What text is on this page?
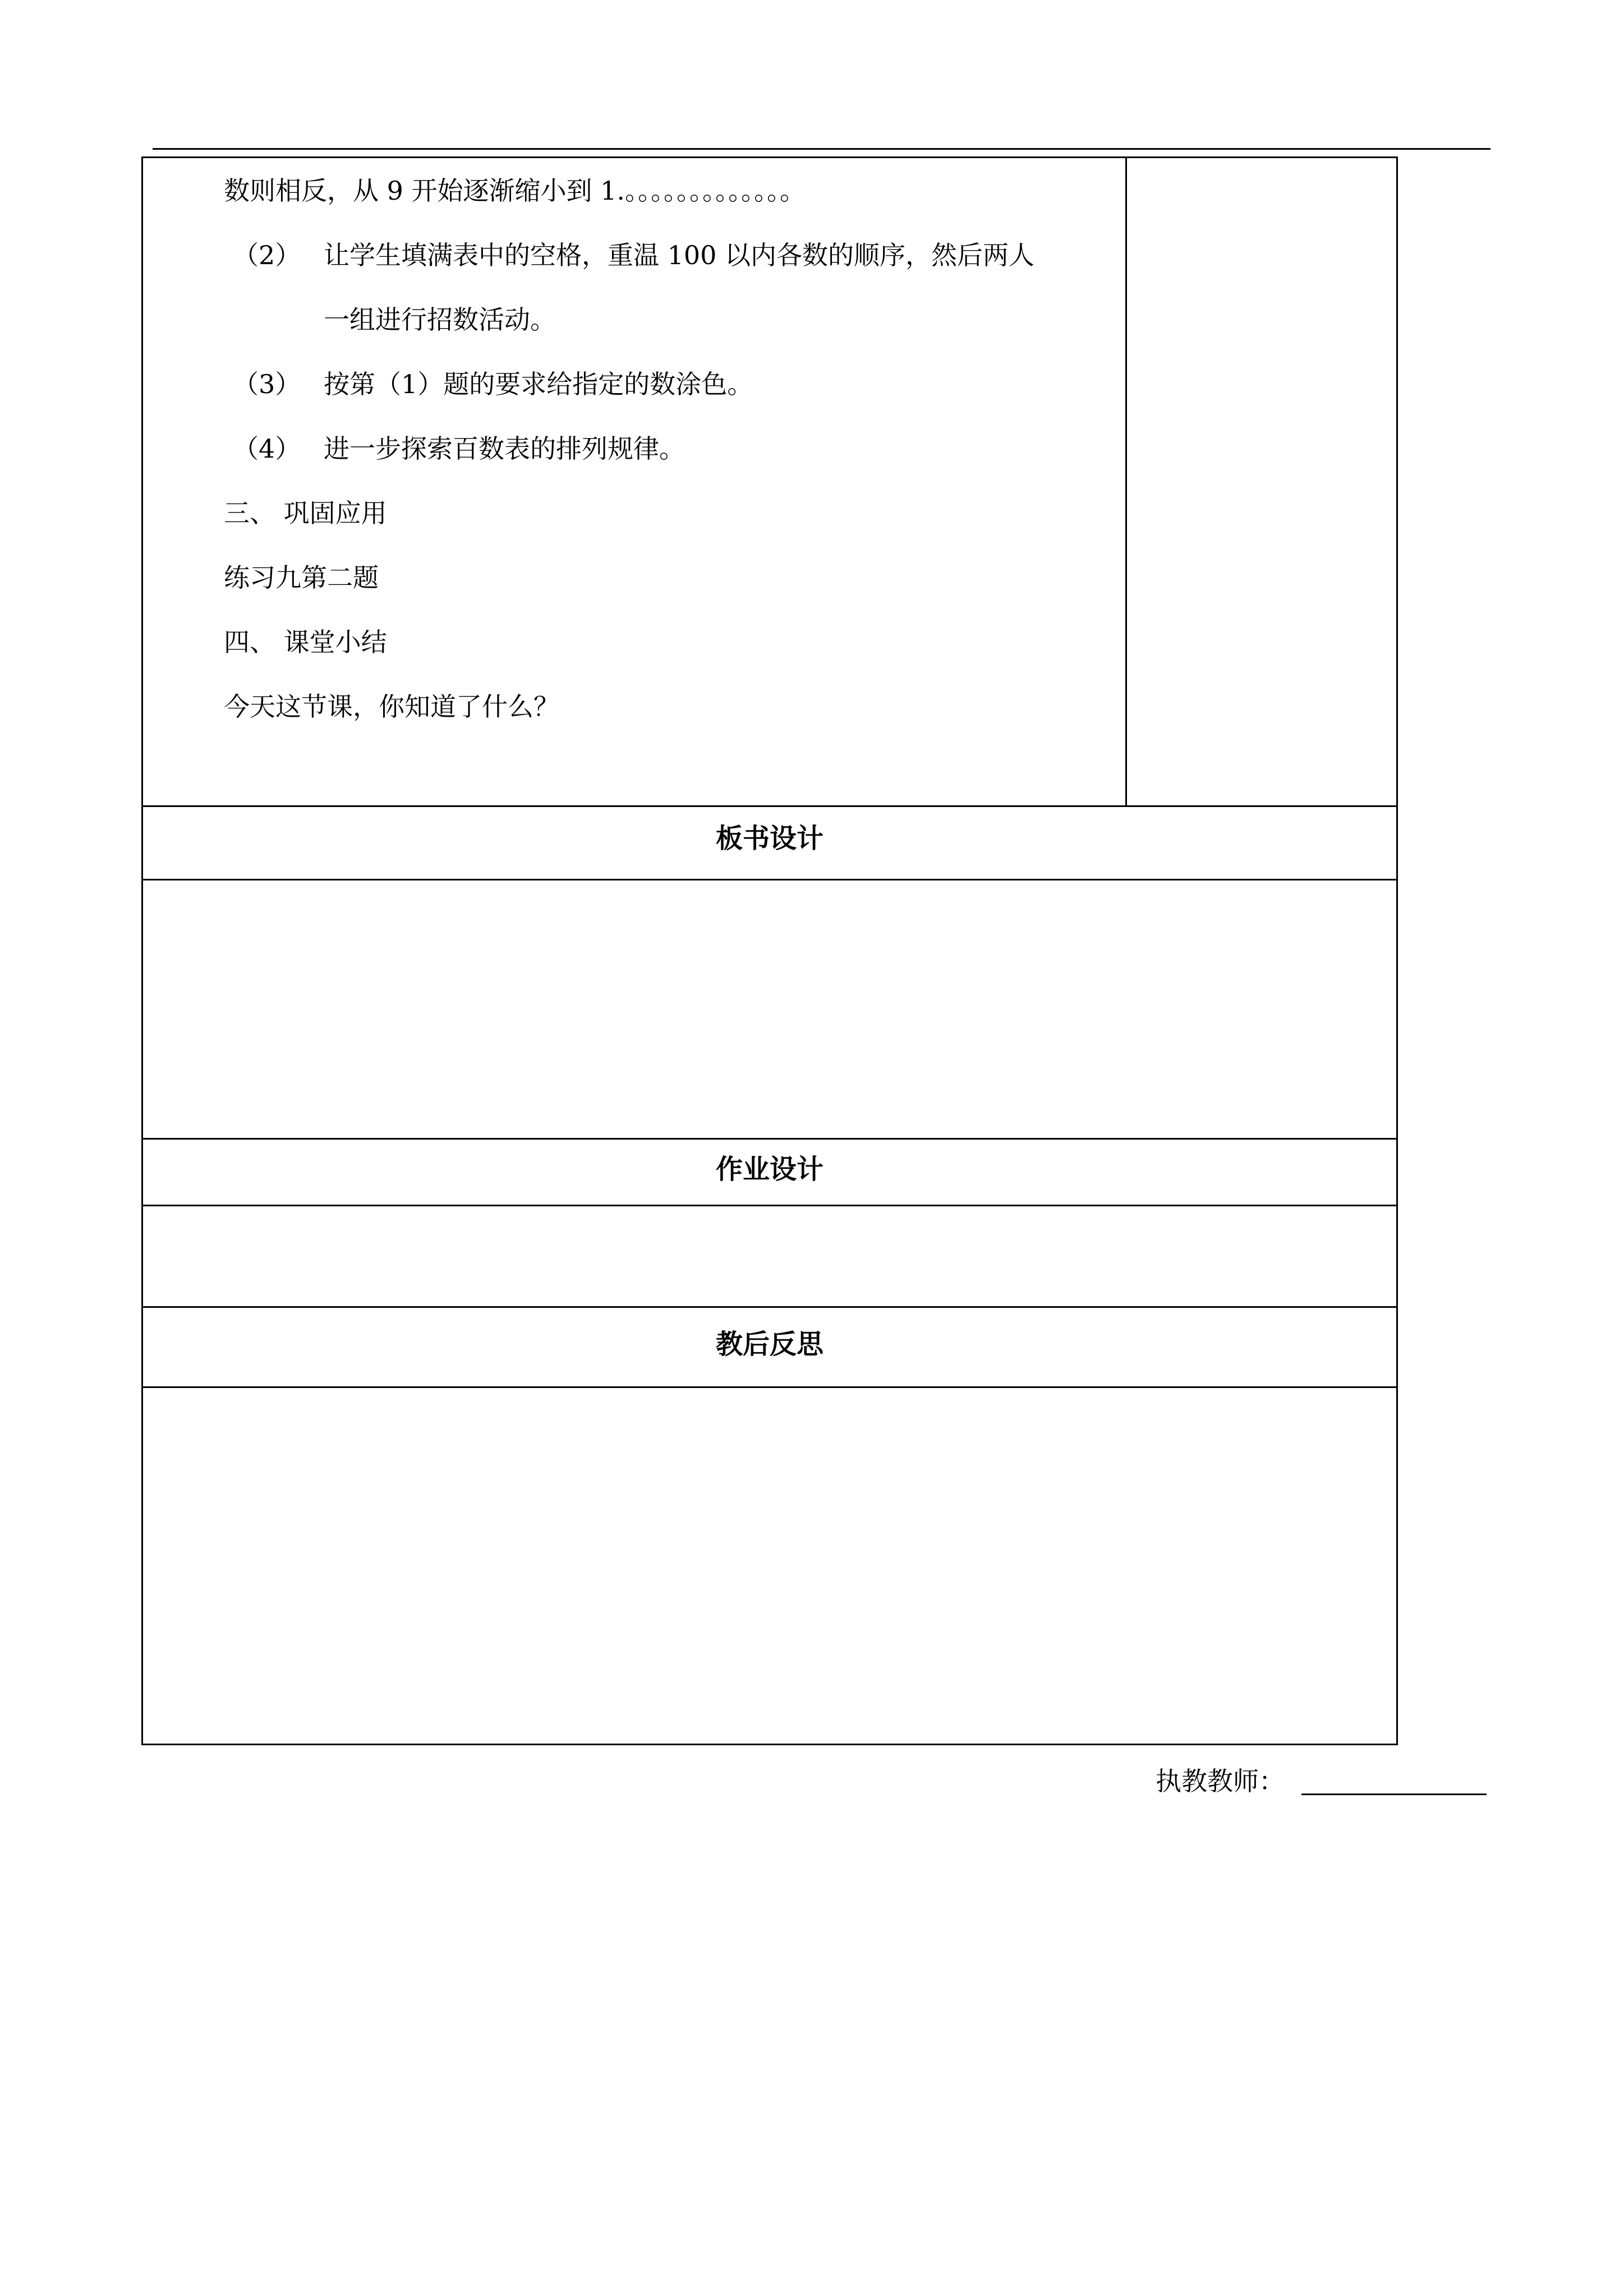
数则相反，从 9 开始逐渐缩小到 1.。。。。。。。。。。。。。
（2） 让学生填满表中的空格，重温 100 以内各数的顺序，然后两人
一组进行招数活动。
（3） 按第（1）题的要求给指定的数涂色。
（4） 进一步探索百数表的排列规律。
三、 巩固应用
练习九第二题
四、 课堂小结
今天这节课，你知道了什么？
板书设计
作业设计
教后反思
执教教师：
